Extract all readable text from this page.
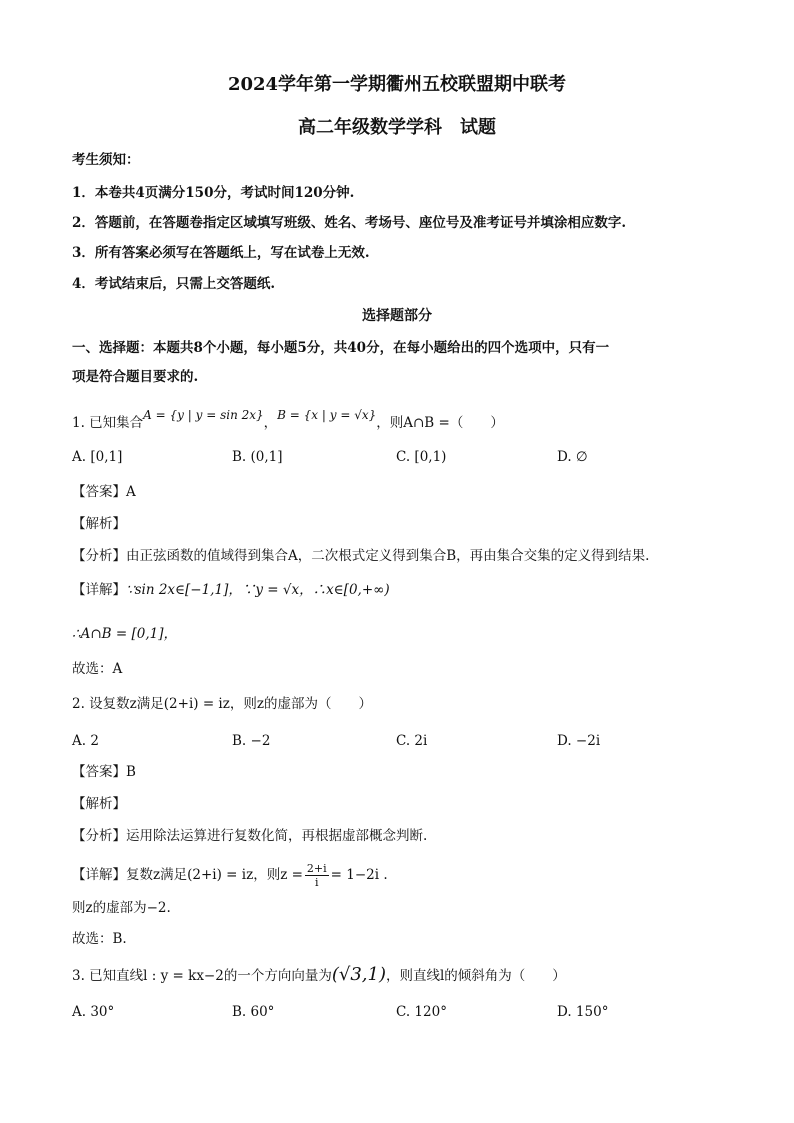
2024学年第一学期衢州五校联盟期中联考
高二年级数学学科　试题
考生须知：
1．本卷共4页满分150分，考试时间120分钟.
2．答题前，在答题卷指定区域填写班级、姓名、考场号、座位号及准考证号并填涂相应数字.
3．所有答案必须写在答题纸上，写在试卷上无效.
4．考试结束后，只需上交答题纸.
选择题部分
一、选择题：本题共8个小题，每小题5分，共40分，在每小题给出的四个选项中，只有一
项是符合题目要求的.
1. 已知集合A = {y | y = sin 2x}，B = {x | y = √x}，则A∩B =（　　）
A. [0,1]	B. (0,1]	C. [0,1)	D. ∅
【答案】A
【解析】
【分析】由正弦函数的值域得到集合A，二次根式定义得到集合B，再由集合交集的定义得到结果.
【详解】∵sin 2x∈[−1,1]，∵y = √x，∴x∈[0,+∞)
∴A∩B = [0,1]，
故选：A
2. 设复数z满足(2+i) = iz，则z的虚部为（　　）
A. 2	B. −2	C. 2i	D. −2i
【答案】B
【解析】
【分析】运用除法运算进行复数化简，再根据虚部概念判断.
【详解】复数z满足(2+i) = iz，则$z = \frac{2+i}{i} = 1-2i$ .
则z的虚部为−2.
故选：B.
3. 已知直线l : y = kx−2的一个方向向量为(√3,1)，则直线l的倾斜角为（　　）
A. 30°	B. 60°	C. 120°	D. 150°
